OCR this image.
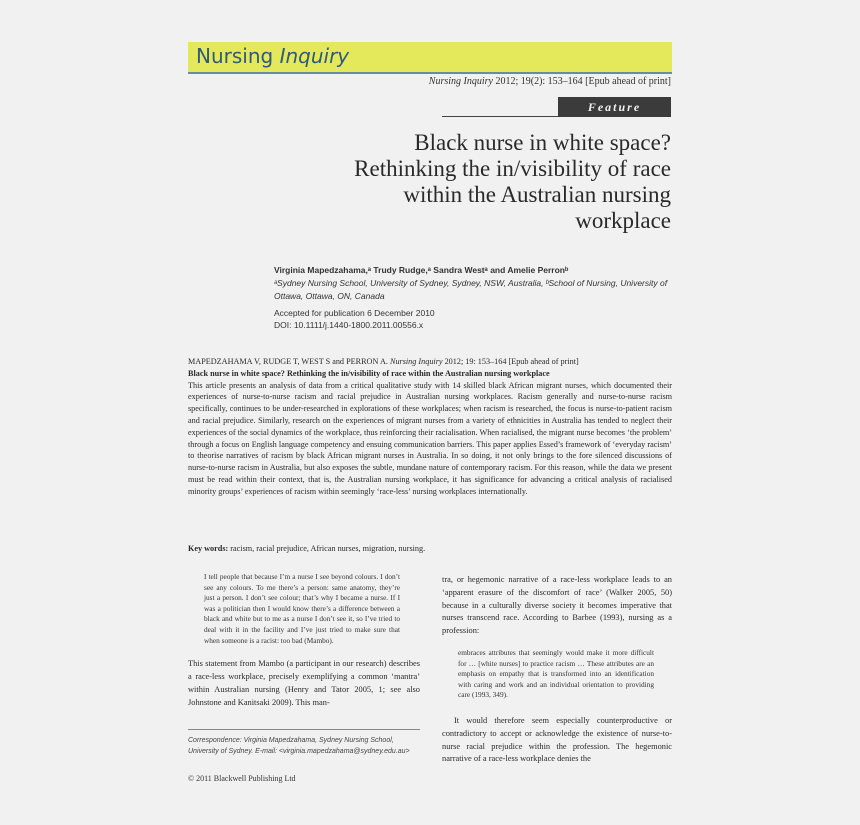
Nursing Inquiry
Nursing Inquiry 2012; 19(2): 153–164 [Epub ahead of print]
Feature
Black nurse in white space?
Rethinking the in/visibility of race
within the Australian nursing
workplace
Virginia Mapedzahama,ᵃ Trudy Rudge,ᵃ Sandra Westᵃ and Amelie Perronᵇ
ᵃSydney Nursing School, University of Sydney, Sydney, NSW, Australia, ᵇSchool of Nursing, University of Ottawa, Ottawa, ON, Canada
Accepted for publication 6 December 2010
DOI: 10.1111/j.1440-1800.2011.00556.x
MAPEDZAHAMA V, RUDGE T, WEST S and PERRON A. Nursing Inquiry 2012; 19: 153–164 [Epub ahead of print]
Black nurse in white space? Rethinking the in/visibility of race within the Australian nursing workplace
This article presents an analysis of data from a critical qualitative study with 14 skilled black African migrant nurses, which documented their experiences of nurse-to-nurse racism and racial prejudice in Australian nursing workplaces. Racism generally and nurse-to-nurse racism specifically, continues to be under-researched in explorations of these workplaces; when racism is researched, the focus is nurse-to-patient racism and racial prejudice. Similarly, research on the experiences of migrant nurses from a variety of ethnicities in Australia has tended to neglect their experiences of the social dynamics of the workplace, thus reinforcing their racialisation. When racialised, the migrant nurse becomes ‘the problem’ through a focus on English language competency and ensuing communication barriers. This paper applies Essed’s framework of ‘everyday racism’ to theorise narratives of racism by black African migrant nurses in Australia. In so doing, it not only brings to the fore silenced discussions of nurse-to-nurse racism in Australia, but also exposes the subtle, mundane nature of contemporary racism. For this reason, while the data we present must be read within their context, that is, the Australian nursing workplace, it has significance for advancing a critical analysis of racialised minority groups’ experiences of racism within seemingly ‘race-less’ nursing workplaces internationally.
Key words: racism, racial prejudice, African nurses, migration, nursing.
I tell people that because I’m a nurse I see beyond colours. I don’t see any colours. To me there’s a person: same anatomy, they’re just a person. I don’t see colour; that’s why I became a nurse. If I was a politician then I would know there’s a difference between a black and white but to me as a nurse I don’t see it, so I’ve tried to deal with it in the facility and I’ve just tried to make sure that when someone is a racist: too bad (Mambo).
This statement from Mambo (a participant in our research) describes a race-less workplace, precisely exemplifying a common ‘mantra’ within Australian nursing (Henry and Tator 2005, 1; see also Johnstone and Kanitsaki 2009). This man-
tra, or hegemonic narrative of a race-less workplace leads to an ‘apparent erasure of the discomfort of race’ (Walker 2005, 50) because in a culturally diverse society it becomes imperative that nurses transcend race. According to Barbee (1993), nursing as a profession:
embraces attributes that seemingly would make it more difficult for … [white nurses] to practice racism … These attributes are an emphasis on empathy that is transformed into an identification with caring and work and an individual orientation to providing care (1993, 349).
It would therefore seem especially counterproductive or contradictory to accept or acknowledge the existence of nurse-to-nurse racial prejudice within the profession. The hegemonic narrative of a race-less workplace denies the
Correspondence: Virginia Mapedzahama, Sydney Nursing School, University of Sydney. E-mail: <virginia.mapedzahama@sydney.edu.au>
© 2011 Blackwell Publishing Ltd
